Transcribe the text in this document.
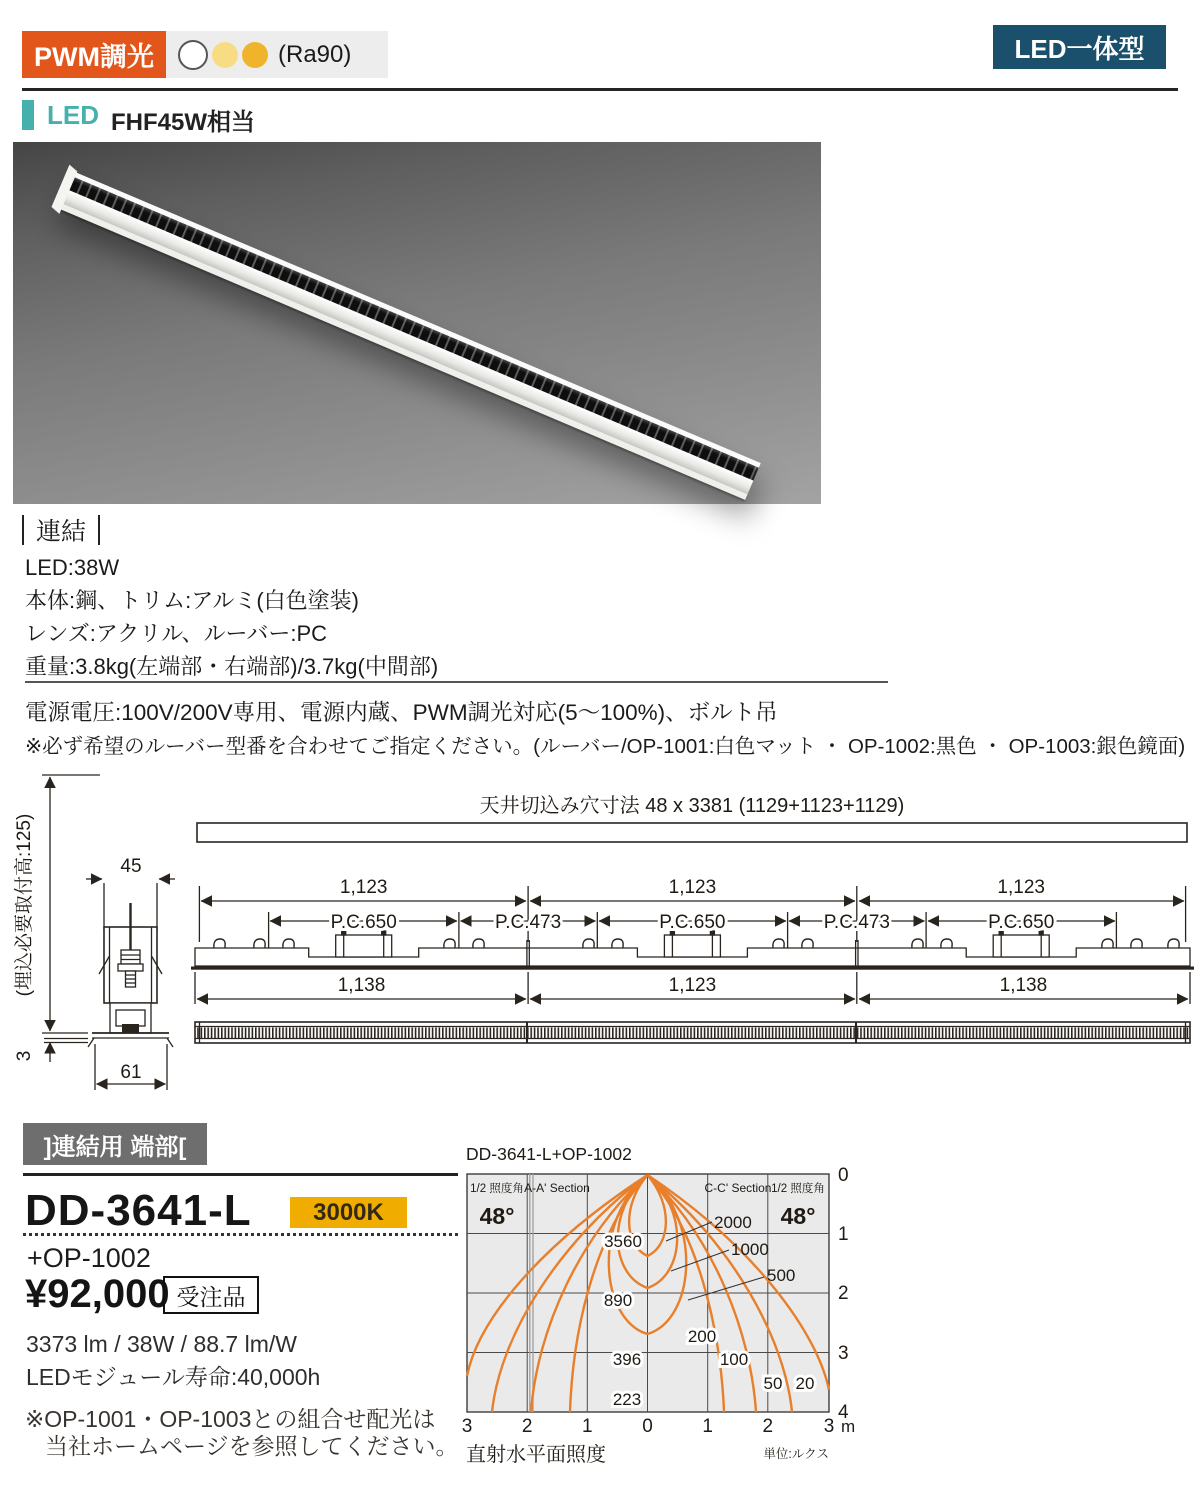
PWM調光	(Ra90)	LED一体型
LED FHF45W相当
連結
LED:38W
本体:鋼、トリム:アルミ(白色塗装)
レンズ:アクリル、ルーバー:PC
重量:3.8kg(左端部・右端部)/3.7kg(中間部)
電源電圧:100V/200V専用、電源内蔵、PWM調光対応(5〜100%)、ボルト吊
※必ず希望のルーバー型番を合わせてご指定ください。(ルーバー/OP-1001:白色マット ・ OP-1002:黒色 ・ OP-1003:銀色鏡面)
天井切込み穴寸法 48 x 3381 (1129+1123+1129)
1,123	1,123	1,123
P.C.650	P.C.473	P.C.650	P.C.473	P.C.650
1,138	1,123	1,138
45
61
(埋込必要取付高:125)
3
]連結用 端部[
DD-3641-L	3000K
+OP-1002
¥92,000 受注品
3373 lm / 38W / 88.7 lm/W
LEDモジュール寿命:40,000h
※OP-1001・OP-1003との組合せ配光は
当社ホームページを参照してください。
DD-3641-L+OP-1002
1/2 照度角	1/2 照度角
A-A' Section	C-C' Section
48°	48°
3560
890
396
223
2000
1000
500
200
100
50 20
3	2	1	0	1	2	3 m
0
1
2
3
4
直射水平面照度	単位:ルクス
